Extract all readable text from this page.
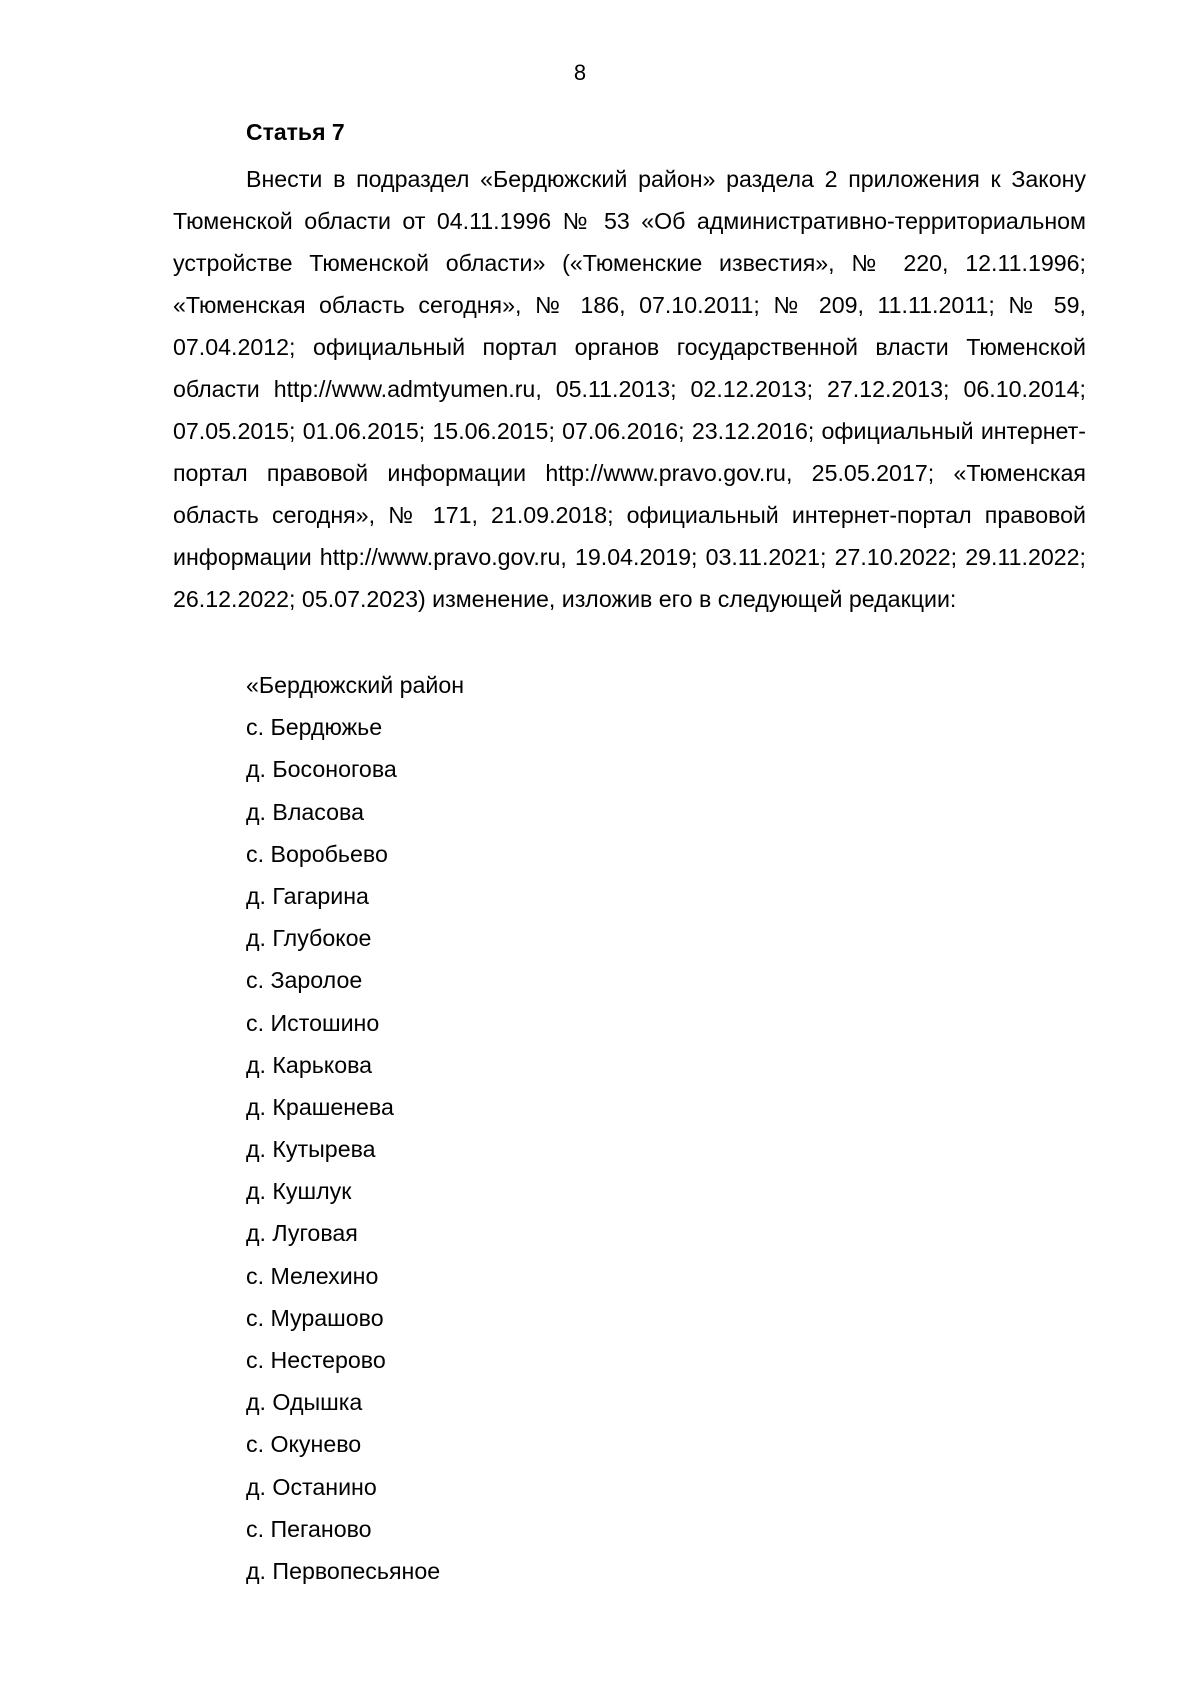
8
Статья 7

Внести в подраздел «Бердюжский район» раздела 2 приложения к Закону Тюменской области от 04.11.1996 № 53 «Об административно-территориальном устройстве Тюменской области» («Тюменские известия», № 220, 12.11.1996; «Тюменская область сегодня», № 186, 07.10.2011; № 209, 11.11.2011; № 59, 07.04.2012; официальный портал органов государственной власти Тюменской области http://www.admtyumen.ru, 05.11.2013; 02.12.2013; 27.12.2013; 06.10.2014; 07.05.2015; 01.06.2015; 15.06.2015; 07.06.2016; 23.12.2016; официальный интернет-портал правовой информации http://www.pravo.gov.ru, 25.05.2017; «Тюменская область сегодня», № 171, 21.09.2018; официальный интернет-портал правовой информации http://www.pravo.gov.ru, 19.04.2019; 03.11.2021; 27.10.2022; 29.11.2022; 26.12.2022; 05.07.2023) изменение, изложив его в следующей редакции:

«Бердюжский район
с. Бердюжье
д. Босоногова
д. Власова
с. Воробьево
д. Гагарина
д. Глубокое
с. Заролое
с. Истошино
д. Карькова
д. Крашенева
д. Кутырева
д. Кушлук
д. Луговая
с. Мелехино
с. Мурашово
с. Нестерово
д. Одышка
с. Окунево
д. Останино
с. Пеганово
д. Первопесьяное
